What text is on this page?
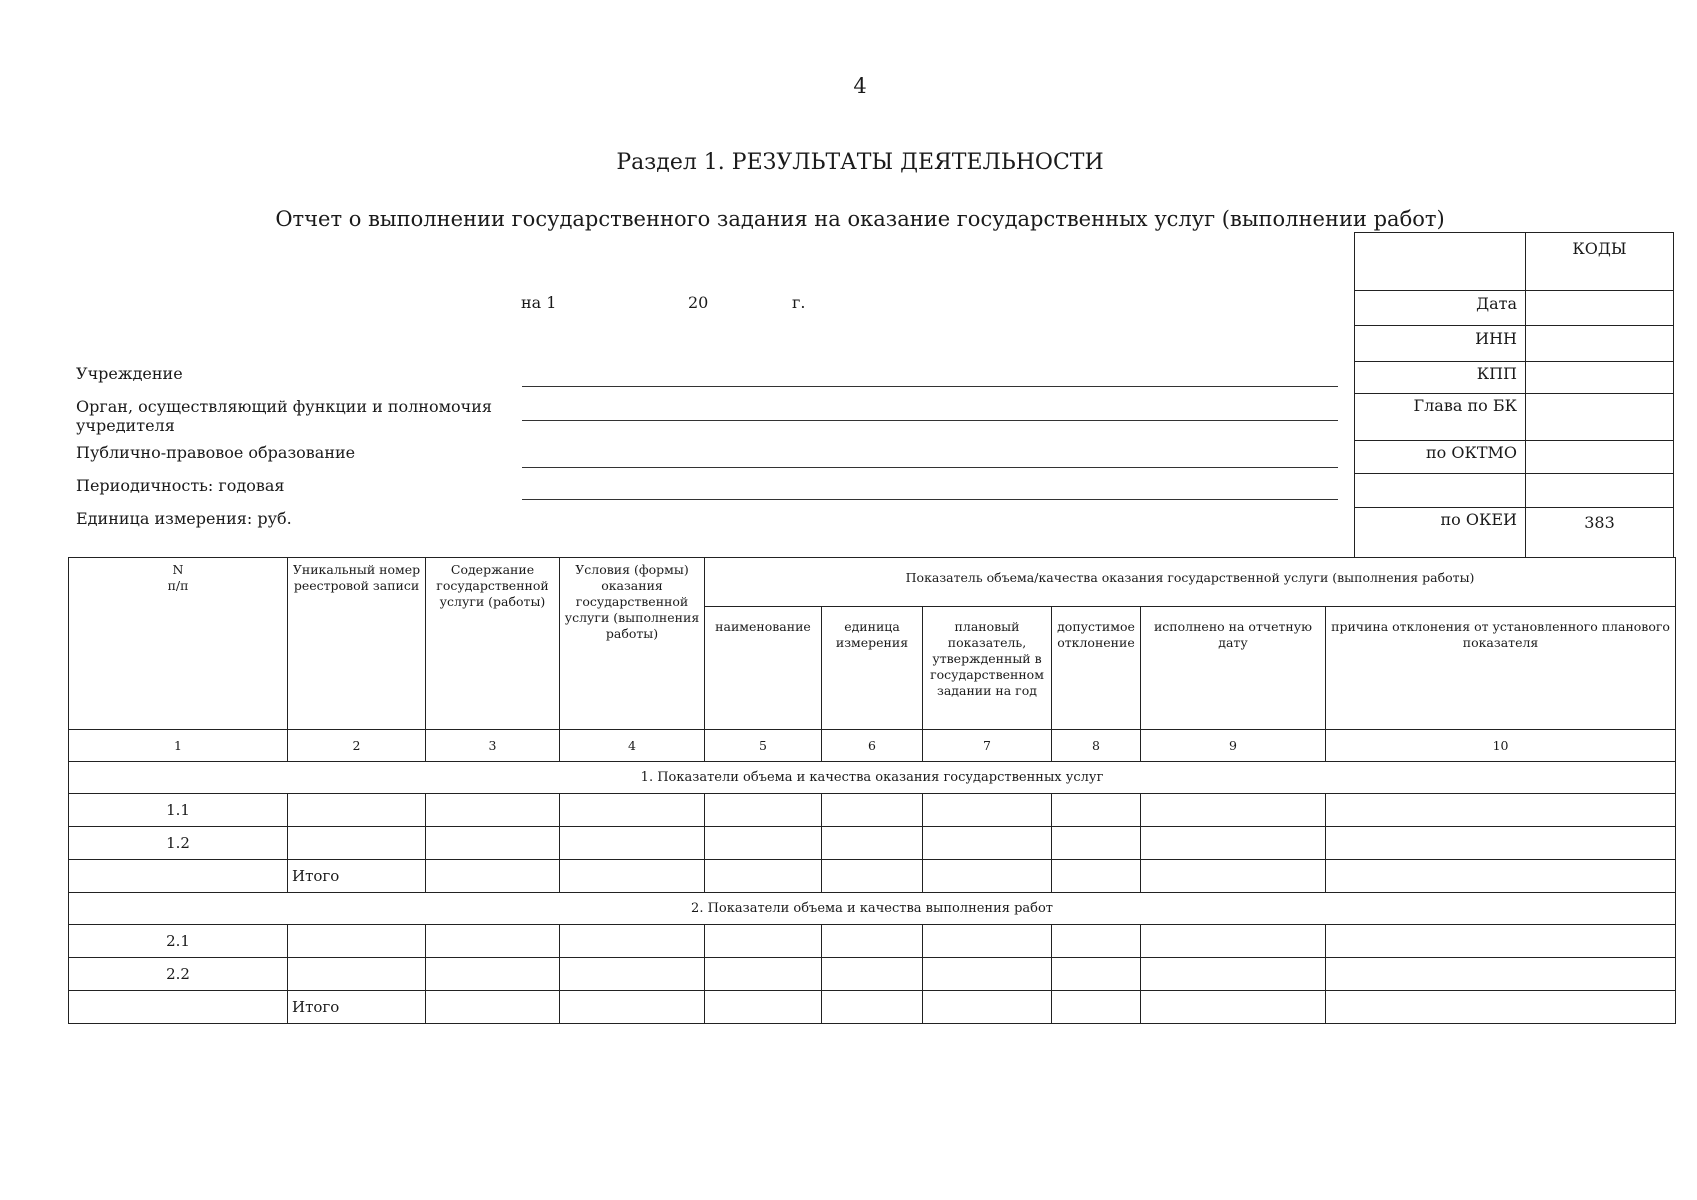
4
Раздел 1. РЕЗУЛЬТАТЫ ДЕЯТЕЛЬНОСТИ
Отчет о выполнении государственного задания на оказание государственных услуг (выполнении работ)
на 1	20	г.
Учреждение
Орган, осуществляющий функции и полномочия учредителя
Публично-правовое образование
Периодичность: годовая
Единица измерения: руб.
	КОДЫ
Дата	
ИНН	
КПП	
Глава по БК	
по ОКТМО	

по ОКЕИ	383
N
п/п	Уникальный номер реестровой записи	Содержание государственной услуги (работы)	Условия (формы) оказания государственной услуги (выполнения работы)	Показатель объема/качества оказания государственной услуги (выполнения работы)					
				наименование	единица измерения	плановый показатель, утвержденный в государственном задании на год	допустимое отклонение	исполнено на отчетную дату	причина отклонения от установленного планового показателя
1	2	3	4	5	6	7	8	9	10
1. Показатели объема и качества оказания государственных услуг									
1.1									
1.2									
	Итого								
2. Показатели объема и качества выполнения работ									
2.1									
2.2									
	Итого								
